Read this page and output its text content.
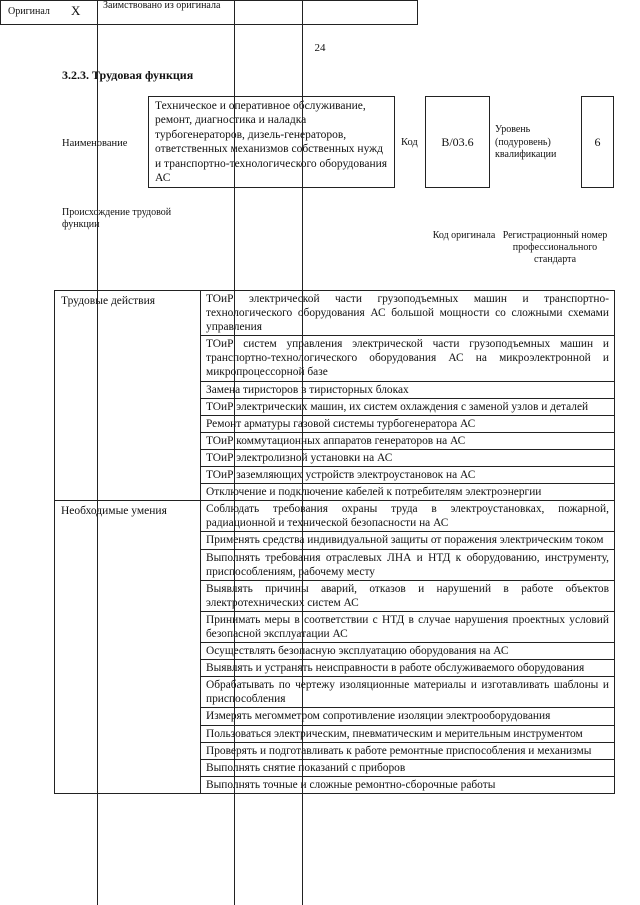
24
3.2.3. Трудовая функция
Наименование
Техническое и оперативное обслуживание, ремонт, диагностика и наладка турбогенераторов, дизель-генераторов, ответственных механизмов собственных нужд и транспортно-технологического оборудования АС
Код B/03.6
Уровень (подуровень) квалификации
6
Происхождение трудовой функции
Оригинал X Заимствовано из оригинала
Код оригинала Регистрационный номер профессионального стандарта
Трудовые действия	ТОиР электрической части грузоподъемных машин и транспортно-технологического оборудования АС большой мощности со сложными схемами управления
	ТОиР систем управления электрической части грузоподъемных машин и транспортно-технологического оборудования АС на микроэлектронной и микропроцессорной базе
	Замена тиристоров в тиристорных блоках
	ТОиР электрических машин, их систем охлаждения с заменой узлов и деталей
	Ремонт арматуры газовой системы турбогенератора АС
	ТОиР коммутационных аппаратов генераторов на АС
	ТОиР электролизной установки на АС
	ТОиР заземляющих устройств электроустановок на АС
	Отключение и подключение кабелей к потребителям электроэнергии
Необходимые умения	Соблюдать требования охраны труда в электроустановках, пожарной, радиационной и технической безопасности на АС
	Применять средства индивидуальной защиты от поражения электрическим током
	Выполнять требования отраслевых ЛНА и НТД к оборудованию, инструменту, приспособлениям, рабочему месту
	Выявлять причины аварий, отказов и нарушений в работе объектов электротехнических систем АС
	Принимать меры в соответствии с НТД в случае нарушения проектных условий безопасной эксплуатации АС
	Осуществлять безопасную эксплуатацию оборудования на АС
	Выявлять и устранять неисправности в работе обслуживаемого оборудования
	Обрабатывать по чертежу изоляционные материалы и изготавливать шаблоны и приспособления
	Измерять мегомметром сопротивление изоляции электрооборудования
	Пользоваться электрическим, пневматическим и мерительным инструментом
	Проверять и подготавливать к работе ремонтные приспособления и механизмы
	Выполнять снятие показаний с приборов
	Выполнять точные и сложные ремонтно-сборочные работы
